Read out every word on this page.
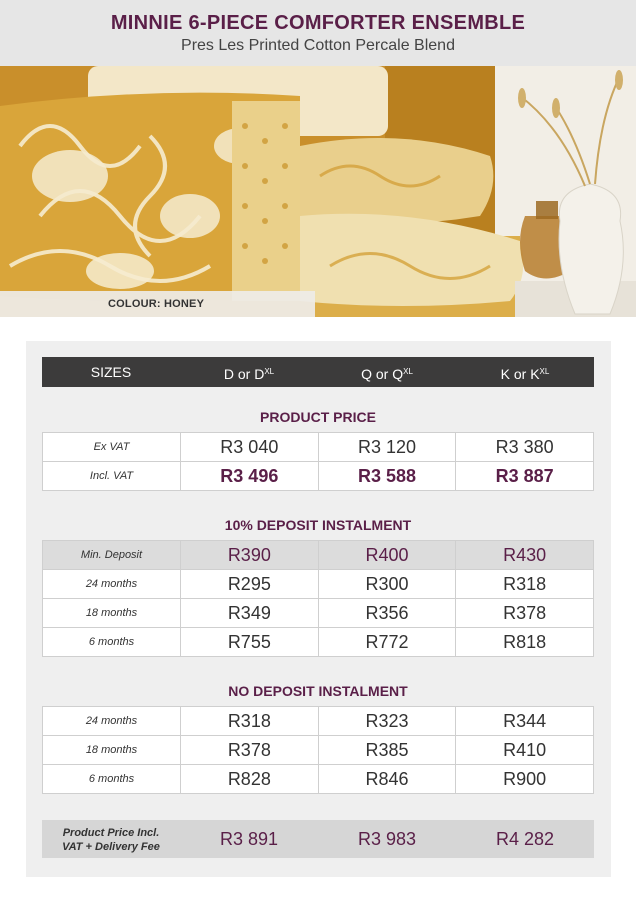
MINNIE 6-PIECE COMFORTER ENSEMBLE
Pres Les Printed Cotton Percale Blend
COLOUR: HONEY
SIZES	D or $D^{XL}$	Q or $Q^{XL}$	K or $K^{XL}$
PRODUCT PRICE
Ex VAT	R3 040	R3 120	R3 380
Incl. VAT	R3 496	R3 588	R3 887
10% DEPOSIT INSTALMENT
Min. Deposit	R390	R400	R430
24 months	R295	R300	R318
18 months	R349	R356	R378
6 months	R755	R772	R818
NO DEPOSIT INSTALMENT
24 months	R318	R323	R344
18 months	R378	R385	R410
6 months	R828	R846	R900
Product Price Incl.
VAT + Delivery Fee	R3 891	R3 983	R4 282
